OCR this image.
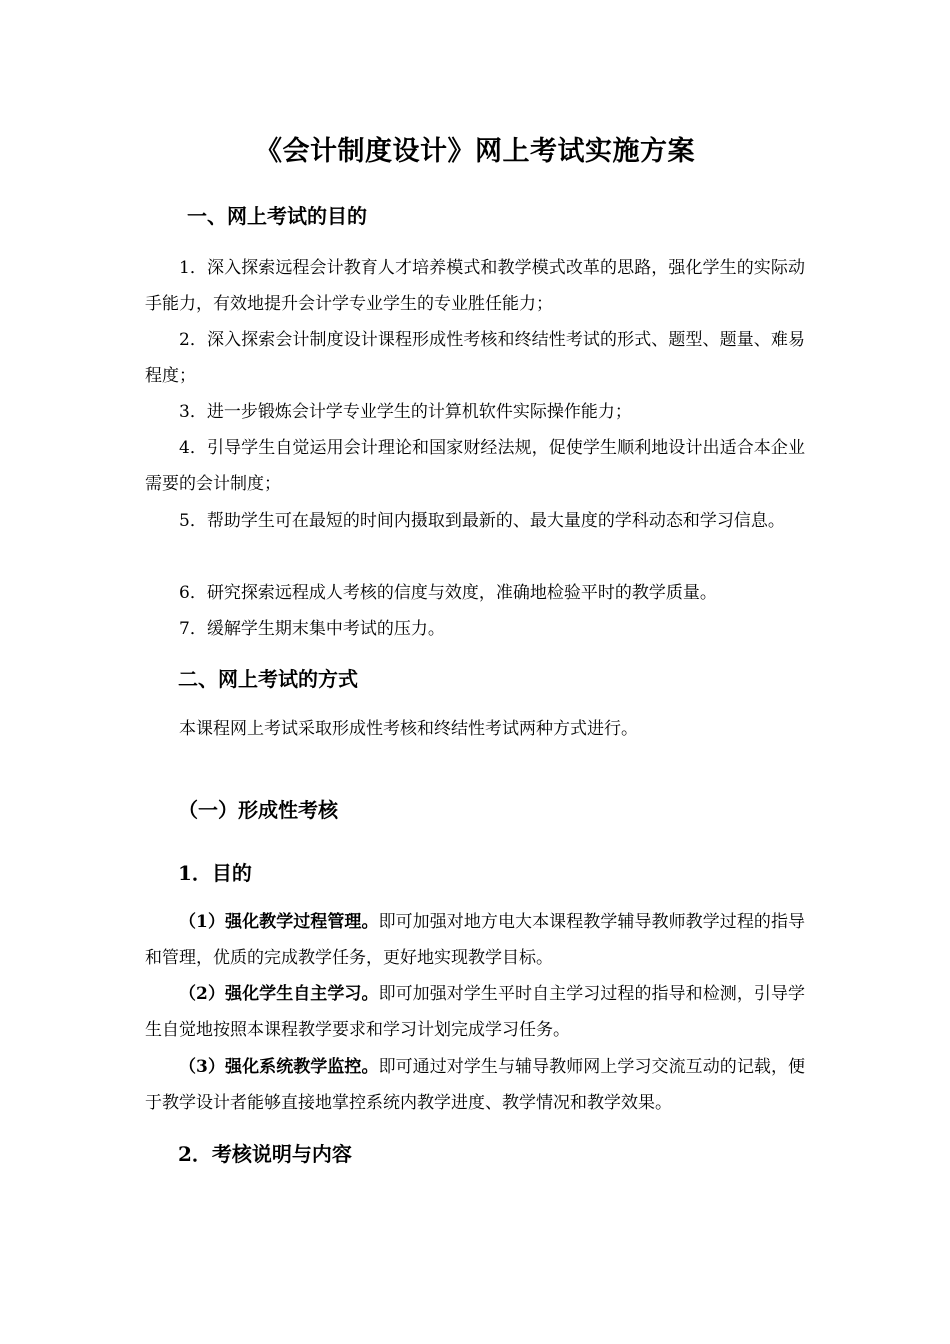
《会计制度设计》网上考试实施方案
一、网上考试的目的
1．深入探索远程会计教育人才培养模式和教学模式改革的思路，强化学生的实际动手能力，有效地提升会计学专业学生的专业胜任能力；
2．深入探索会计制度设计课程形成性考核和终结性考试的形式、题型、题量、难易程度；
3．进一步锻炼会计学专业学生的计算机软件实际操作能力；
4．引导学生自觉运用会计理论和国家财经法规，促使学生顺利地设计出适合本企业需要的会计制度；
5．帮助学生可在最短的时间内摄取到最新的、最大量度的学科动态和学习信息。
6．研究探索远程成人考核的信度与效度，准确地检验平时的教学质量。
7．缓解学生期末集中考试的压力。
二、网上考试的方式
本课程网上考试采取形成性考核和终结性考试两种方式进行。
（一）形成性考核
1．目的
（1）强化教学过程管理。即可加强对地方电大本课程教学辅导教师教学过程的指导和管理，优质的完成教学任务，更好地实现教学目标。
（2）强化学生自主学习。即可加强对学生平时自主学习过程的指导和检测，引导学生自觉地按照本课程教学要求和学习计划完成学习任务。
（3）强化系统教学监控。即可通过对学生与辅导教师网上学习交流互动的记载，便于教学设计者能够直接地掌控系统内教学进度、教学情况和教学效果。
2．考核说明与内容
